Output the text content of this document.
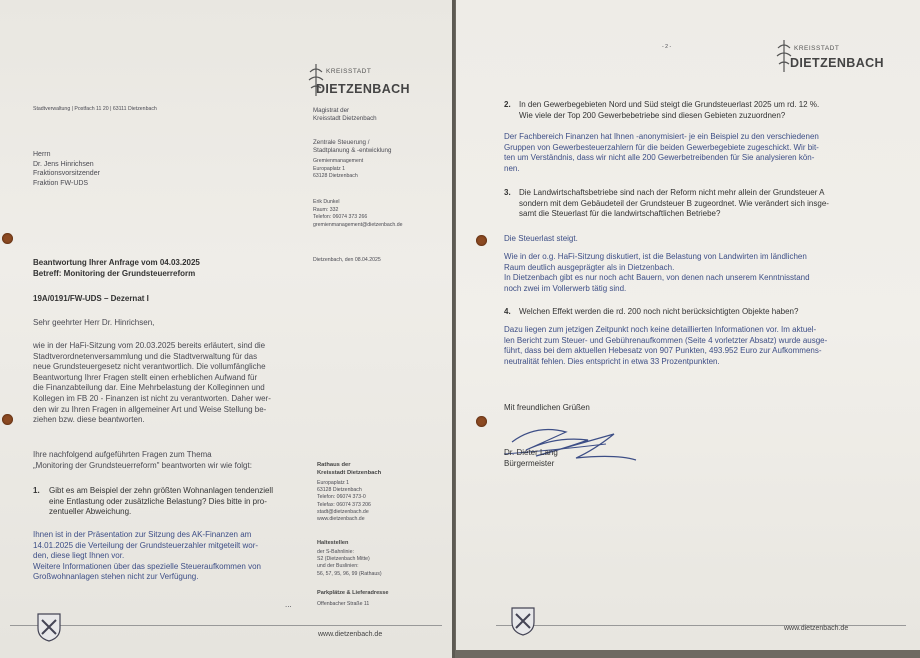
KREISSTADT
DIETZENBACH
Stadtverwaltung | Postfach 11 20 | 63111 Dietzenbach
Herrn
Dr. Jens Hinrichsen
Fraktionsvorsitzender
Fraktion FW-UDS
Magistrat der
Kreisstadt Dietzenbach
Zentrale Steuerung /
Stadtplanung & -entwicklung
Gremienmanagement
Europaplatz 1
63128 Dietzenbach
Erik Dunkel
Raum: 332
Telefon: 06074 373 266
gremienmanagement@dietzenbach.de
Dietzenbach, den 08.04.2025
Beantwortung Ihrer Anfrage vom 04.03.2025
Betreff: Monitoring der Grundsteuerreform
19A/0191/FW-UDS – Dezernat I
Sehr geehrter Herr Dr. Hinrichsen,
wie in der HaFi-Sitzung vom 20.03.2025 bereits erläutert, sind die
Stadtverordnetenversammlung und die Stadtverwaltung für das
neue Grundsteuergesetz nicht verantwortlich. Die vollumfängliche
Beantwortung Ihrer Fragen stellt einen erheblichen Aufwand für
die Finanzabteilung dar. Eine Mehrbelastung der Kolleginnen und
Kollegen im FB 20 - Finanzen ist nicht zu verantworten. Daher wer-
den wir zu Ihren Fragen in allgemeiner Art und Weise Stellung be-
ziehen bzw. diese beantworten.
Ihre nachfolgend aufgeführten Fragen zum Thema
„Monitoring der Grundsteuerreform" beantworten wir wie folgt:
1. Gibt es am Beispiel der zehn größten Wohnanlagen tendenziell
eine Entlastung oder zusätzliche Belastung? Dies bitte in pro-
zentueller Abweichung.
Ihnen ist in der Präsentation zur Sitzung des AK-Finanzen am
14.01.2025 die Verteilung der Grundsteuerzahler mitgeteilt wor-
den, diese liegt Ihnen vor.
Weitere Informationen über das spezielle Steueraufkommen von
Großwohnanlagen stehen nicht zur Verfügung.
...
Rathaus der
Kreisstadt Dietzenbach
Europaplatz 1
63128 Dietzenbach
Telefon: 06074 373-0
Telefax: 06074 373 206
stadt@dietzenbach.de
www.dietzenbach.de
Haltestellen
der S-Bahnlinie:
S2 (Dietzenbach Mitte)
und der Buslinien:
56, 57, 95, 96, 99 (Rathaus)
Parkplätze & Lieferadresse
Offenbacher Straße 11
www.dietzenbach.de
- 2 -	KREISSTADT
DIETZENBACH
2. In den Gewerbegebieten Nord und Süd steigt die Grundsteuerlast 2025 um rd. 12 %.
Wie viele der Top 200 Gewerbebetriebe sind diesen Gebieten zuzuordnen?
Der Fachbereich Finanzen hat Ihnen -anonymisiert- je ein Beispiel zu den verschiedenen
Gruppen von Gewerbesteuerzahlern für die beiden Gewerbegebiete zugeschickt. Wir bit-
ten um Verständnis, dass wir nicht alle 200 Gewerbetreibenden für Sie analysieren kön-
nen.
3. Die Landwirtschaftsbetriebe sind nach der Reform nicht mehr allein der Grundsteuer A
sondern mit dem Gebäudeteil der Grundsteuer B zugeordnet. Wie verändert sich insge-
samt die Steuerlast für die landwirtschaftlichen Betriebe?
Die Steuerlast steigt.
Wie in der o.g. HaFi-Sitzung diskutiert, ist die Belastung von Landwirten im ländlichen
Raum deutlich ausgeprägter als in Dietzenbach.
In Dietzenbach gibt es nur noch acht Bauern, von denen nach unserem Kenntnisstand
noch zwei im Vollerwerb tätig sind.
4. Welchen Effekt werden die rd. 200 noch nicht berücksichtigten Objekte haben?
Dazu liegen zum jetzigen Zeitpunkt noch keine detaillierten Informationen vor. Im aktuel-
len Bericht zum Steuer- und Gebührenaufkommen (Seite 4 vorletzter Absatz) wurde ausge-
führt, dass bei dem aktuellen Hebesatz von 907 Punkten, 493.952 Euro zur Aufkommens-
neutralität fehlen. Dies entspricht in etwa 33 Prozentpunkten.
Mit freundlichen Grüßen
Dr. Dieter Lang
Bürgermeister
www.dietzenbach.de
